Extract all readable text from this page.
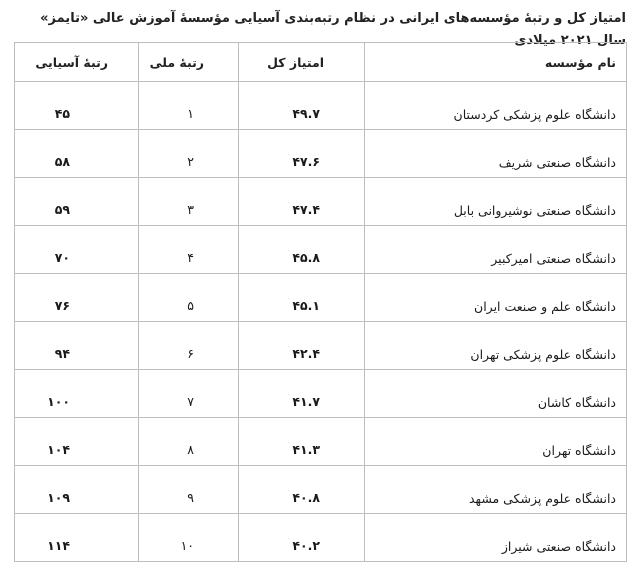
امتیاز کل و رتبهٔ مؤسسه‌های ایرانی در نظام رتبه‌بندی آسیایی مؤسسهٔ آموزش عالی «تایمز» سال ۲۰۲۱ میلادی
نام مؤسسه	امتیاز کل	رتبهٔ ملی	رتبهٔ آسیایی
دانشگاه علوم پزشکی کردستان	۴۹.۷	۱	۴۵
دانشگاه صنعتی شریف	۴۷.۶	۲	۵۸
دانشگاه صنعتی نوشیروانی بابل	۴۷.۴	۳	۵۹
دانشگاه صنعتی امیرکبیر	۴۵.۸	۴	۷۰
دانشگاه علم و صنعت ایران	۴۵.۱	۵	۷۶
دانشگاه علوم پزشکی تهران	۴۲.۴	۶	۹۴
دانشگاه کاشان	۴۱.۷	۷	۱۰۰
دانشگاه تهران	۴۱.۳	۸	۱۰۴
دانشگاه علوم پزشکی مشهد	۴۰.۸	۹	۱۰۹
دانشگاه صنعتی شیراز	۴۰.۲	۱۰	۱۱۴
